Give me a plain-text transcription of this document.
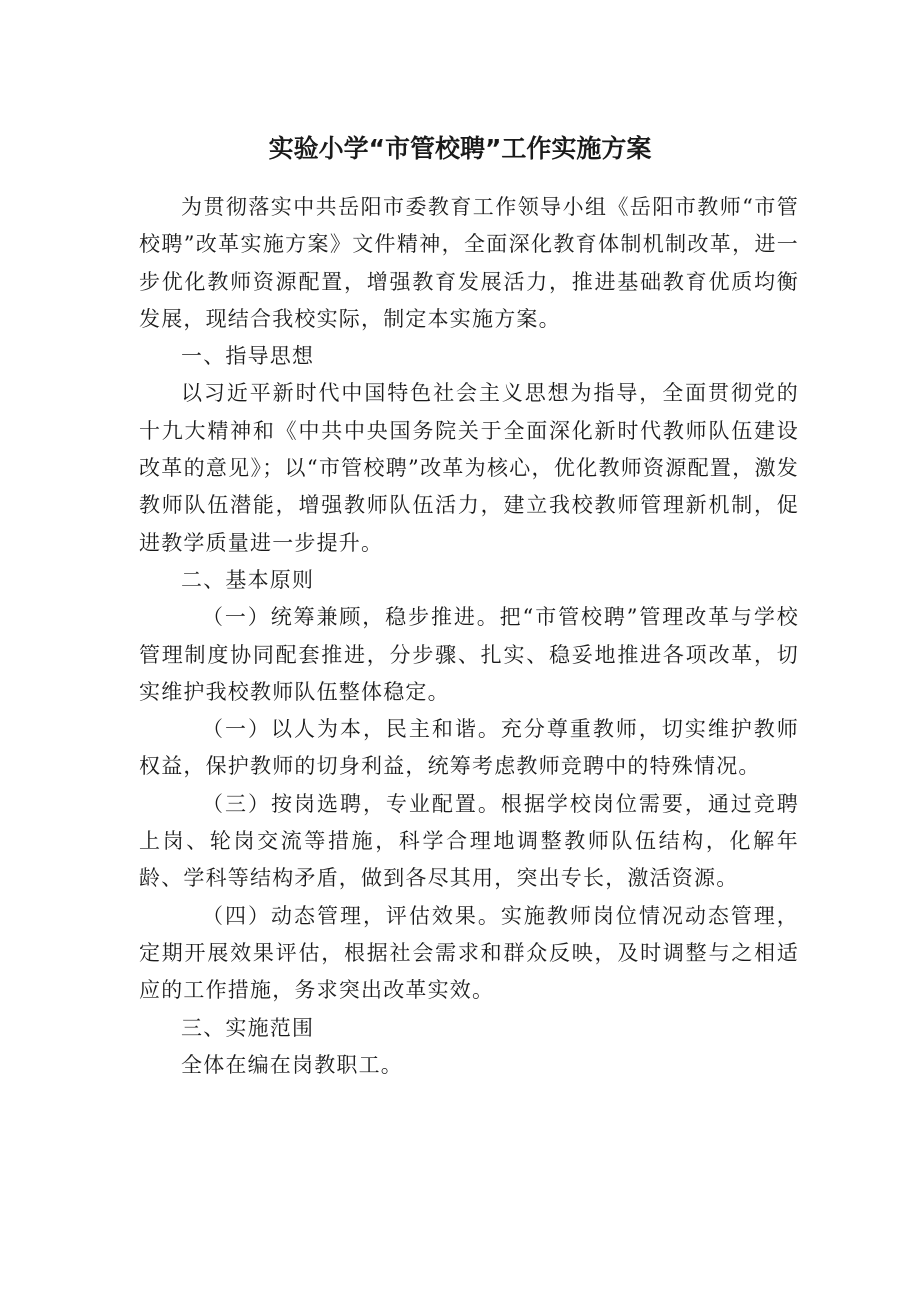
实验小学“市管校聘”工作实施方案

为贯彻落实中共岳阳市委教育工作领导小组《岳阳市教师“市管校聘”改革实施方案》文件精神，全面深化教育体制机制改革，进一步优化教师资源配置，增强教育发展活力，推进基础教育优质均衡发展，现结合我校实际，制定本实施方案。

一、指导思想

以习近平新时代中国特色社会主义思想为指导，全面贯彻党的十九大精神和《中共中央国务院关于全面深化新时代教师队伍建设改革的意见》；以“市管校聘”改革为核心，优化教师资源配置，激发教师队伍潜能，增强教师队伍活力，建立我校教师管理新机制，促进教学质量进一步提升。

二、基本原则

（一）统筹兼顾，稳步推进。把“市管校聘”管理改革与学校管理制度协同配套推进，分步骤、扎实、稳妥地推进各项改革，切实维护我校教师队伍整体稳定。

（一）以人为本，民主和谐。充分尊重教师，切实维护教师权益，保护教师的切身利益，统筹考虑教师竞聘中的特殊情况。

（三）按岗选聘，专业配置。根据学校岗位需要，通过竞聘上岗、轮岗交流等措施，科学合理地调整教师队伍结构，化解年龄、学科等结构矛盾，做到各尽其用，突出专长，激活资源。

（四）动态管理，评估效果。实施教师岗位情况动态管理，定期开展效果评估，根据社会需求和群众反映，及时调整与之相适应的工作措施，务求突出改革实效。

三、实施范围

全体在编在岗教职工。
